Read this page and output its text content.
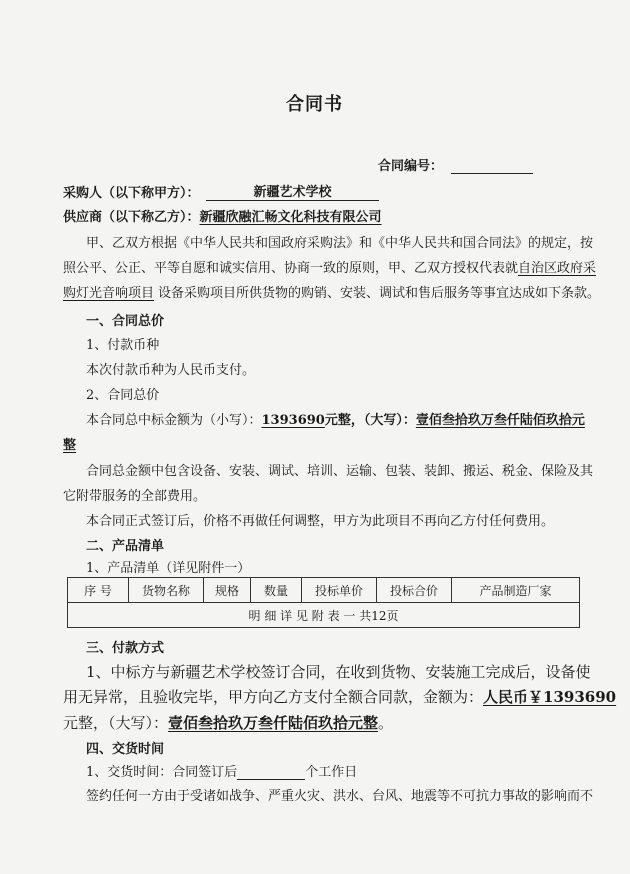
合同书
合同编号：
采购人（以下称甲方）：	新疆艺术学校
供应商（以下称乙方）：新疆欣融汇畅文化科技有限公司
甲、乙双方根据《中华人民共和国政府采购法》和《中华人民共和国合同法》的规定，按
照公平、公正、平等自愿和诚实信用、协商一致的原则，甲、乙双方授权代表就自治区政府采
购灯光音响项目 设备采购项目所供货物的购销、安装、调试和售后服务等事宜达成如下条款。
一、合同总价
1、付款币种
本次付款币种为人民币支付。
2、合同总价
本合同总中标金额为（小写）：1393690元整，（大写）：壹佰叁拾玖万叁仟陆佰玖拾元
整
合同总金额中包含设备、安装、调试、培训、运输、包装、装卸、搬运、税金、保险及其
它附带服务的全部费用。
本合同正式签订后，价格不再做任何调整，甲方为此项目不再向乙方付任何费用。
二、产品清单
1、产品清单（详见附件一）
序 号	货物名称	规格	数量	投标单价	投标合价	产品制造厂家
明 细 详 见 附 表 一 共12页
三、付款方式
1、中标方与新疆艺术学校签订合同，在收到货物、安装施工完成后，设备使
用无异常，且验收完毕，甲方向乙方支付全额合同款，金额为：人民币￥1393690
元整，（大写）：壹佰叁拾玖万叁仟陆佰玖拾元整。
四、交货时间
1、交货时间：合同签订后	个工作日
签约任何一方由于受诸如战争、严重火灾、洪水、台风、地震等不可抗力事故的影响而不
